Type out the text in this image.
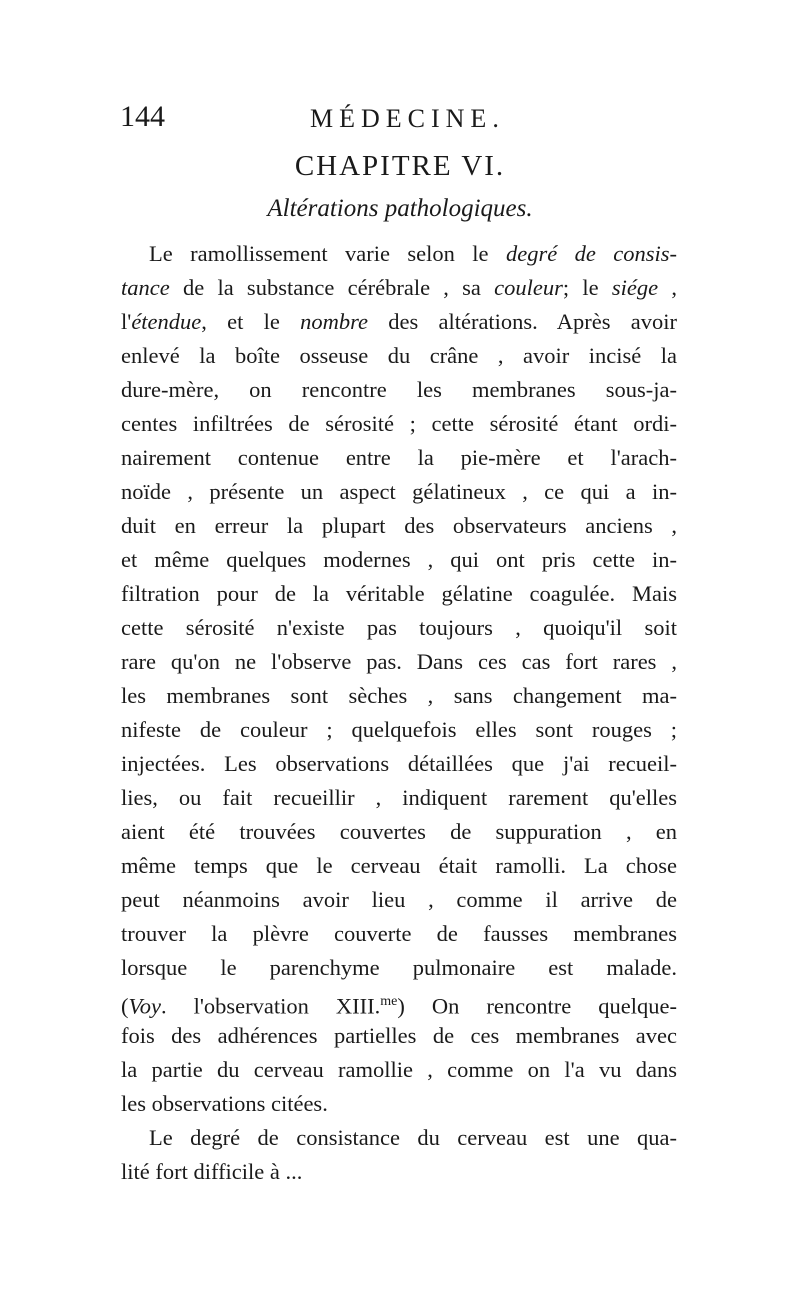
144	MÉDECINE.
CHAPITRE VI.
Altérations pathologiques.
Le ramollissement varie selon le degré de consis-
tance de la substance cérébrale , sa couleur; le siége ,
l'étendue, et le nombre des altérations. Après avoir
enlevé la boîte osseuse du crâne , avoir incisé la
dure-mère, on rencontre les membranes sous-ja-
centes infiltrées de sérosité ; cette sérosité étant ordi-
nairement contenue entre la pie-mère et l'arach-
noïde , présente un aspect gélatineux , ce qui a in-
duit en erreur la plupart des observateurs anciens ,
et même quelques modernes , qui ont pris cette in-
filtration pour de la véritable gélatine coagulée. Mais
cette sérosité n'existe pas toujours , quoiqu'il soit
rare qu'on ne l'observe pas. Dans ces cas fort rares ,
les membranes sont sèches , sans changement ma-
nifeste de couleur ; quelquefois elles sont rouges ;
injectées. Les observations détaillées que j'ai recueil-
lies, ou fait recueillir , indiquent rarement qu'elles
aient été trouvées couvertes de suppuration , en
même temps que le cerveau était ramolli. La chose
peut néanmoins avoir lieu , comme il arrive de
trouver la plèvre couverte de fausses membranes
lorsque le parenchyme pulmonaire est malade.
(Voy. l'observation XIII.$^{me}$) On rencontre quelque-
fois des adhérences partielles de ces membranes avec
la partie du cerveau ramollie , comme on l'a vu dans
les observations citées.
Le degré de consistance du cerveau est une qua-
lité fort difficile à ...
